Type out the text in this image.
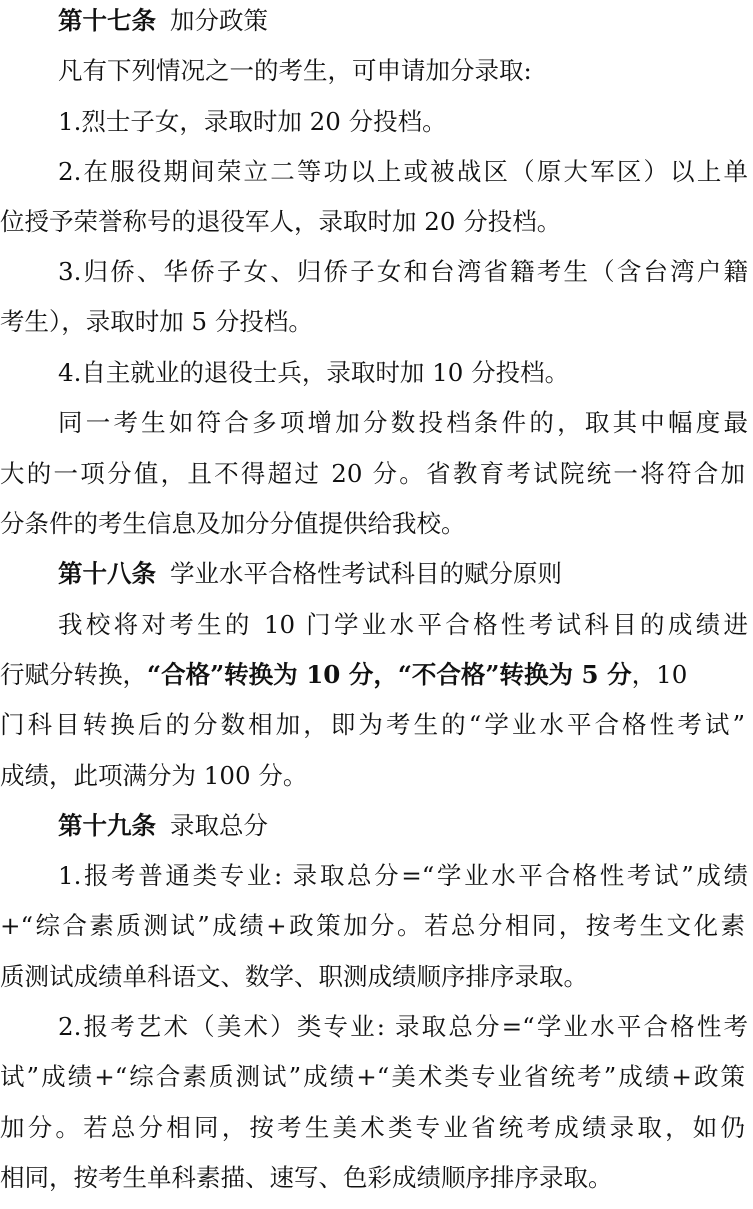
第十七条 加分政策
凡有下列情况之一的考生，可申请加分录取:
1.烈士子女，录取时加 20 分投档。
2.在服役期间荣立二等功以上或被战区（原大军区）以上单
位授予荣誉称号的退役军人，录取时加 20 分投档。
3.归侨、华侨子女、归侨子女和台湾省籍考生（含台湾户籍
考生），录取时加 5 分投档。
4.自主就业的退役士兵，录取时加 10 分投档。
同一考生如符合多项增加分数投档条件的，取其中幅度最
大的一项分值，且不得超过 20 分。省教育考试院统一将符合加
分条件的考生信息及加分分值提供给我校。
第十八条 学业水平合格性考试科目的赋分原则
我校将对考生的 10 门学业水平合格性考试科目的成绩进
行赋分转换，“合格”转换为 10 分，“不合格”转换为 5 分，10
门科目转换后的分数相加，即为考生的“学业水平合格性考试”
成绩，此项满分为 100 分。
第十九条 录取总分
1.报考普通类专业: 录取总分=“学业水平合格性考试”成绩
+“综合素质测试”成绩+政策加分。若总分相同，按考生文化素
质测试成绩单科语文、数学、职测成绩顺序排序录取。
2.报考艺术（美术）类专业: 录取总分=“学业水平合格性考
试”成绩+“综合素质测试”成绩+“美术类专业省统考”成绩+政策
加分。若总分相同，按考生美术类专业省统考成绩录取，如仍
相同，按考生单科素描、速写、色彩成绩顺序排序录取。
